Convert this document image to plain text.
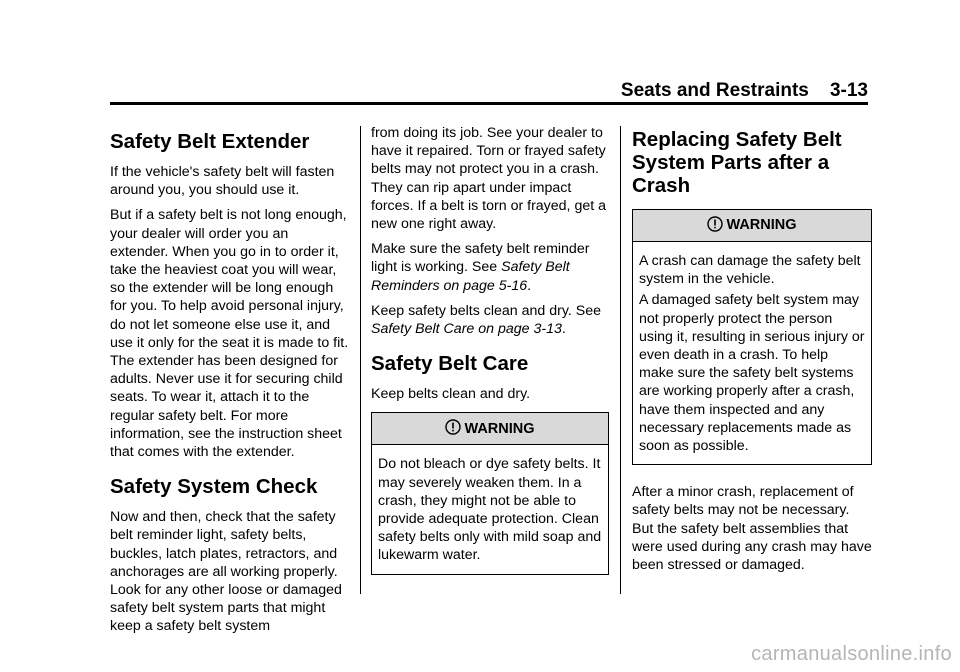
Seats and Restraints    3-13
Safety Belt Extender

If the vehicle's safety belt will fasten around you, you should use it.

But if a safety belt is not long enough, your dealer will order you an extender. When you go in to order it, take the heaviest coat you will wear, so the extender will be long enough for you. To help avoid personal injury, do not let someone else use it, and use it only for the seat it is made to fit. The extender has been designed for adults. Never use it for securing child seats. To wear it, attach it to the regular safety belt. For more information, see the instruction sheet that comes with the extender.

Safety System Check

Now and then, check that the safety belt reminder light, safety belts, buckles, latch plates, retractors, and anchorages are all working properly. Look for any other loose or damaged safety belt system parts that might keep a safety belt system

from doing its job. See your dealer to have it repaired. Torn or frayed safety belts may not protect you in a crash. They can rip apart under impact forces. If a belt is torn or frayed, get a new one right away.

Make sure the safety belt reminder light is working. See Safety Belt Reminders on page 5-16.

Keep safety belts clean and dry. See Safety Belt Care on page 3-13.

Safety Belt Care

Keep belts clean and dry.

WARNING

Do not bleach or dye safety belts. It may severely weaken them. In a crash, they might not be able to provide adequate protection. Clean safety belts only with mild soap and lukewarm water.

Replacing Safety Belt System Parts after a Crash
WARNING

A crash can damage the safety belt system in the vehicle.

A damaged safety belt system may not properly protect the person using it, resulting in serious injury or even death in a crash. To help make sure the safety belt systems are working properly after a crash, have them inspected and any necessary replacements made as soon as possible.

After a minor crash, replacement of safety belts may not be necessary. But the safety belt assemblies that were used during any crash may have been stressed or damaged.

carmanualsonline.info
